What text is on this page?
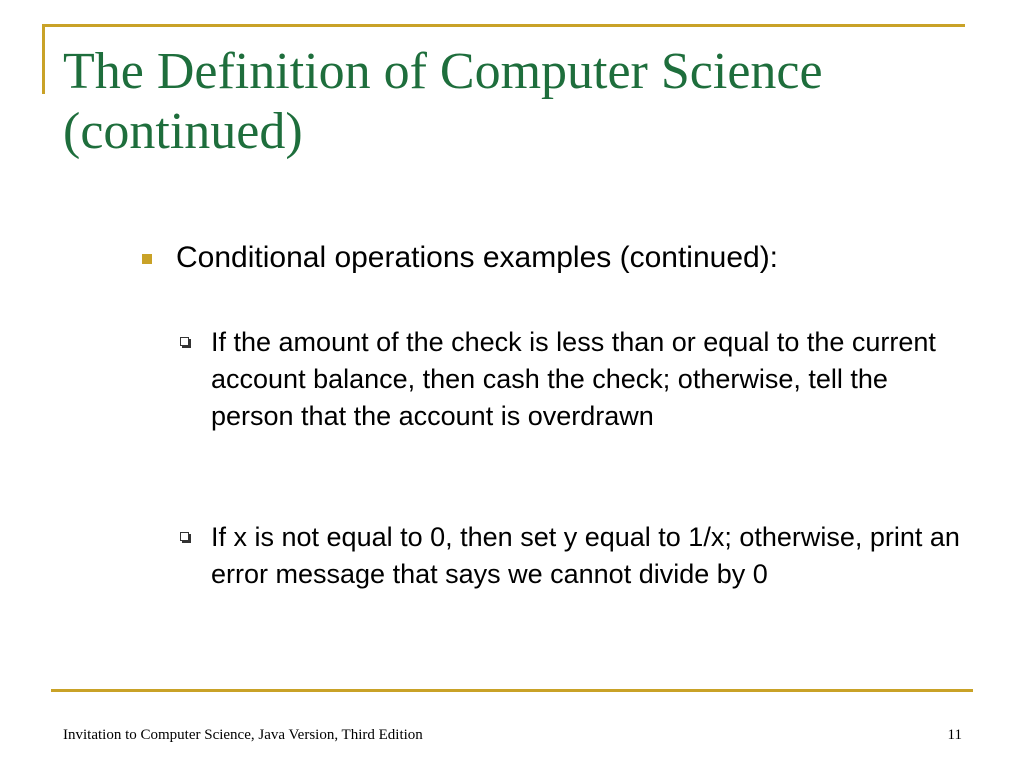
The Definition of Computer Science
(continued)
Conditional operations examples (continued):
If the amount of the check is less than or equal to the current account balance, then cash the check; otherwise, tell the person that the account is overdrawn
If x is not equal to 0, then set y equal to 1/x; otherwise, print an error message that says we cannot divide by 0
Invitation to Computer Science, Java Version, Third Edition	11
